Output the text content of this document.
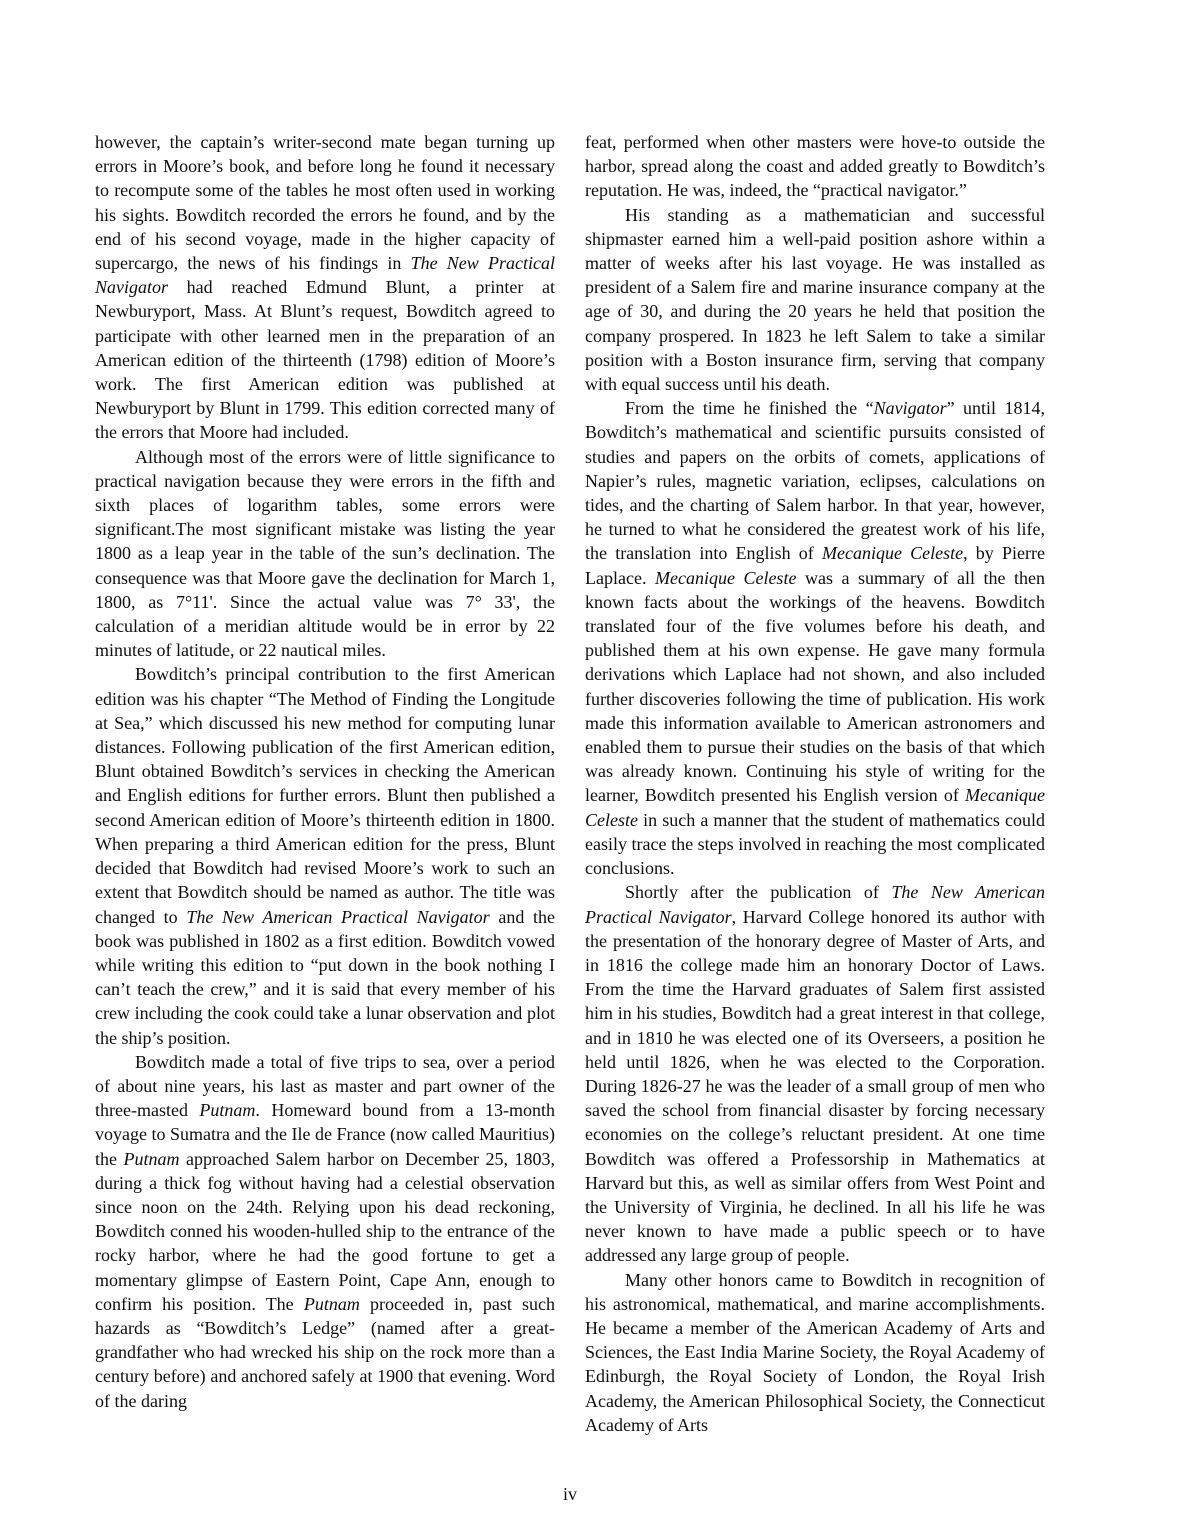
however, the captain’s writer-second mate began turning up errors in Moore’s book, and before long he found it necessary to recompute some of the tables he most often used in working his sights. Bowditch recorded the errors he found, and by the end of his second voyage, made in the higher capacity of supercargo, the news of his findings in The New Practical Navigator had reached Edmund Blunt, a printer at Newburyport, Mass. At Blunt’s request, Bowditch agreed to participate with other learned men in the preparation of an American edition of the thirteenth (1798) edition of Moore’s work. The first American edition was published at Newburyport by Blunt in 1799. This edition corrected many of the errors that Moore had included.

Although most of the errors were of little significance to practical navigation because they were errors in the fifth and sixth places of logarithm tables, some errors were significant.The most significant mistake was listing the year 1800 as a leap year in the table of the sun’s declination. The consequence was that Moore gave the declination for March 1, 1800, as 7°11'. Since the actual value was 7° 33', the calculation of a meridian altitude would be in error by 22 minutes of latitude, or 22 nautical miles.

Bowditch’s principal contribution to the first American edition was his chapter “The Method of Finding the Longitude at Sea,” which discussed his new method for computing lunar distances. Following publication of the first American edition, Blunt obtained Bowditch’s services in checking the American and English editions for further errors. Blunt then published a second American edition of Moore’s thirteenth edition in 1800. When preparing a third American edition for the press, Blunt decided that Bowditch had revised Moore’s work to such an extent that Bowditch should be named as author. The title was changed to The New American Practical Navigator and the book was published in 1802 as a first edition. Bowditch vowed while writing this edition to “put down in the book nothing I can’t teach the crew,” and it is said that every member of his crew including the cook could take a lunar observation and plot the ship’s position.

Bowditch made a total of five trips to sea, over a period of about nine years, his last as master and part owner of the three-masted Putnam. Homeward bound from a 13-month voyage to Sumatra and the Ile de France (now called Mauritius) the Putnam approached Salem harbor on December 25, 1803, during a thick fog without having had a celestial observation since noon on the 24th. Relying upon his dead reckoning, Bowditch conned his wooden-hulled ship to the entrance of the rocky harbor, where he had the good fortune to get a momentary glimpse of Eastern Point, Cape Ann, enough to confirm his position. The Putnam proceeded in, past such hazards as “Bowditch’s Ledge” (named after a great-grandfather who had wrecked his ship on the rock more than a century before) and anchored safely at 1900 that evening. Word of the daring

feat, performed when other masters were hove-to outside the harbor, spread along the coast and added greatly to Bowditch’s reputation. He was, indeed, the “practical navigator.”

His standing as a mathematician and successful shipmaster earned him a well-paid position ashore within a matter of weeks after his last voyage. He was installed as president of a Salem fire and marine insurance company at the age of 30, and during the 20 years he held that position the company prospered. In 1823 he left Salem to take a similar position with a Boston insurance firm, serving that company with equal success until his death.

From the time he finished the “Navigator” until 1814, Bowditch’s mathematical and scientific pursuits consisted of studies and papers on the orbits of comets, applications of Napier’s rules, magnetic variation, eclipses, calculations on tides, and the charting of Salem harbor. In that year, however, he turned to what he considered the greatest work of his life, the translation into English of Mecanique Celeste, by Pierre Laplace. Mecanique Celeste was a summary of all the then known facts about the workings of the heavens. Bowditch translated four of the five volumes before his death, and published them at his own expense. He gave many formula derivations which Laplace had not shown, and also included further discoveries following the time of publication. His work made this information available to American astronomers and enabled them to pursue their studies on the basis of that which was already known. Continuing his style of writing for the learner, Bowditch presented his English version of Mecanique Celeste in such a manner that the student of mathematics could easily trace the steps involved in reaching the most complicated conclusions.

Shortly after the publication of The New American Practical Navigator, Harvard College honored its author with the presentation of the honorary degree of Master of Arts, and in 1816 the college made him an honorary Doctor of Laws. From the time the Harvard graduates of Salem first assisted him in his studies, Bowditch had a great interest in that college, and in 1810 he was elected one of its Overseers, a position he held until 1826, when he was elected to the Corporation. During 1826-27 he was the leader of a small group of men who saved the school from financial disaster by forcing necessary economies on the college’s reluctant president. At one time Bowditch was offered a Professorship in Mathematics at Harvard but this, as well as similar offers from West Point and the University of Virginia, he declined. In all his life he was never known to have made a public speech or to have addressed any large group of people.

Many other honors came to Bowditch in recognition of his astronomical, mathematical, and marine accomplishments. He became a member of the American Academy of Arts and Sciences, the East India Marine Society, the Royal Academy of Edinburgh, the Royal Society of London, the Royal Irish Academy, the American Philosophical Society, the Connecticut Academy of Arts

iv
